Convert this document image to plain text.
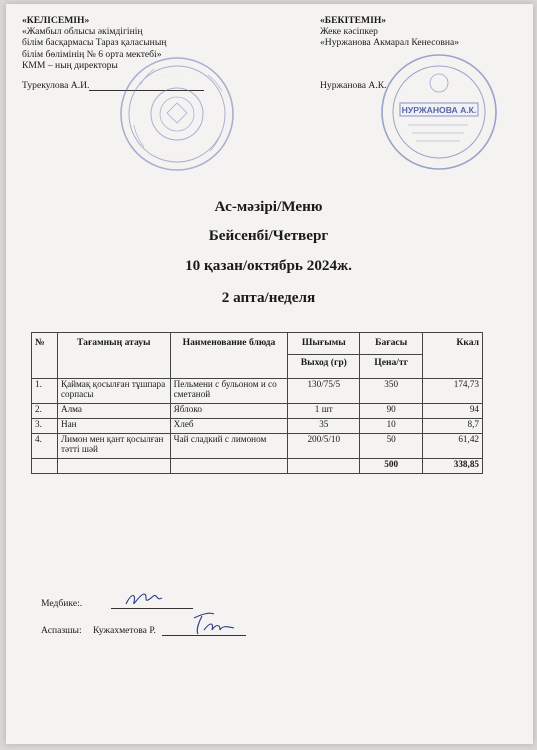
«КЕЛІСЕМІН»
«Жамбыл облысы әкімдігінің
білім басқармасы Тараз қаласының
білім бөлімінің № 6 орта мектебі»
КММ – ның директоры
Турекулова А.И.
«БЕКІТЕМІН»
Жеке кәсіпкер
«Нуржанова Акмарал Кенесовна»
Нуржанова А.К.
· · · · · · · · · ·
· · · · · · · · · ·
НУРЖАНОВА А.К.
Ас-мәзірі/Меню
Бейсенбі/Четверг
10 қазан/октябрь 2024ж.
2 апта/неделя
№	Тағамның атауы	Наименование блюда	Шығымы	Бағасы	Ккал
			Выход (гр)	Цена/тг	
1.	Қаймақ қосылған тұшпара сорпасы	Пельмени с бульоном и со сметаной	130/75/5	350	174,73
2.	Алма	Яблоко	1 шт	90	94
3.	Нан	Хлеб	35	10	8,7
4.	Лимон мен қант қосылған тәтті шәй	Чай сладкий с лимоном	200/5/10	50	61,42
				500	338,85
Медбике:.
Аспазшы: Кужахметова Р.
